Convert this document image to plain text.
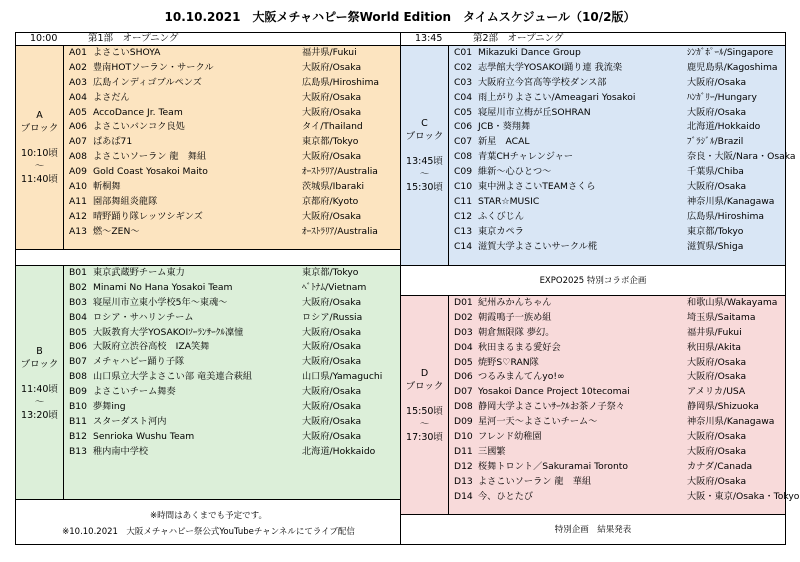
10.10.2021　大阪メチャハピー祭World Edition　タイムスケジュール（10/2版）
10:00	第1部　オープニング
A
ブロック
10:10頃
～
11:40頃
A01 よさこいSHOYA	福井県/Fukui
A02 豊南HOTソーラン・サークル	大阪府/Osaka
A03 広島インディゴブルペンズ	広島県/Hiroshima
A04 よさだん	大阪府/Osaka
A05 AccoDance Jr. Team	大阪府/Osaka
A06 よさこいバンコク良処	タイ/Thailand
A07 ぱあぱ71	東京都/Tokyo
A08 よさこいソーラン 龍　舞組	大阪府/Osaka
A09 Gold Coast Yosakoi Maito	ｵｰｽﾄﾗﾘｱ/Australia
A10 斬桐舞	茨城県/Ibaraki
A11 園部舞組炎龍隊	京都府/Kyoto
A12 晴野踊り隊レッツシギンズ	大阪府/Osaka
A13 燃～ZEN～	ｵｰｽﾄﾗﾘｱ/Australia
B
ブロック
11:40頃
～
13:20頃
B01 東京武蔵野チーム東力	東京都/Tokyo
B02 Minami No Hana Yosakoi Team	ﾍﾞﾄﾅﾑ/Vietnam
B03 寝屋川市立東小学校5年〜東魂〜	大阪府/Osaka
B04 ロシア・サハリンチーム	ロシア/Russia
B05 大阪教育大学YOSAKOIｿｰﾗﾝｻｰｸﾙ凜憧	大阪府/Osaka
B06 大阪府立渋谷高校　IZA笑舞	大阪府/Osaka
B07 メチャハピー踊り子隊	大阪府/Osaka
B08 山口県立大学よさこい部 竜美連合萩組	山口県/Yamaguchi
B09 よさこいチーム舞奏	大阪府/Osaka
B10 夢舞ing	大阪府/Osaka
B11 スターダスト河内	大阪府/Osaka
B12 Senrioka Wushu Team	大阪府/Osaka
B13 稚内南中学校	北海道/Hokkaido
※時間はあくまでも予定です。
※10.10.2021　大阪メチャハピー祭公式YouTubeチャンネルにてライブ配信
13:45	第2部　オープニング
C
ブロック
13:45頃
～
15:30頃
C01 Mikazuki Dance Group	ｼﾝｶﾞﾎﾟｰﾙ/Singapore
C02 志學館大学YOSAKOI踊り連 我流楽	鹿児島県/Kagoshima
C03 大阪府立今宮高等学校ダンス部	大阪府/Osaka
C04 雨上がりよさこい/Ameagari Yosakoi	ﾊﾝｶﾞﾘｰ/Hungary
C05 寝屋川市立梅が丘SOHRAN	大阪府/Osaka
C06 JCB・葵翔舞	北海道/Hokkaido
C07 新星　ACAL	ﾌﾞﾗｼﾞﾙ/Brazil
C08 青葉CHチャレンジャー	奈良・大阪/Nara・Osaka
C09 維新～心ひとつ～	千葉県/Chiba
C10 東中洲よさこいTEAMさくら	大阪府/Osaka
C11 STAR☆MUSIC	神奈川県/Kanagawa
C12 ふくびじん	広島県/Hiroshima
C13 東京カペラ	東京都/Tokyo
C14 滋賀大学よさこいサークル椛	滋賀県/Shiga
EXPO2025 特別コラボ企画
D
ブロック
15:50頃
～
17:30頃
D01 紀州みかんちゃん	和歌山県/Wakayama
D02 朝霞鳴子一族め組	埼玉県/Saitama
D03 朝倉無限隊 夢幻。	福井県/Fukui
D04 秋田まるまる愛好会	秋田県/Akita
D05 焼野S♡RAN隊	大阪府/Osaka
D06 つるみまんてんyo!∞	大阪府/Osaka
D07 Yosakoi Dance Project 10tecomai	アメリカ/USA
D08 静岡大学よさこいｻｰｸﾙお茶ノ子祭々	静岡県/Shizuoka
D09 星河一天～よさこいチーム～	神奈川県/Kanagawa
D10 フレンド幼稚園	大阪府/Osaka
D11 三國繁	大阪府/Osaka
D12 桜舞トロント／Sakuramai Toronto	カナダ/Canada
D13 よさこいソーラン 龍　華組	大阪府/Osaka
D14 今、ひとたび	大阪・東京/Osaka・Tokyo
特別企画　結果発表
